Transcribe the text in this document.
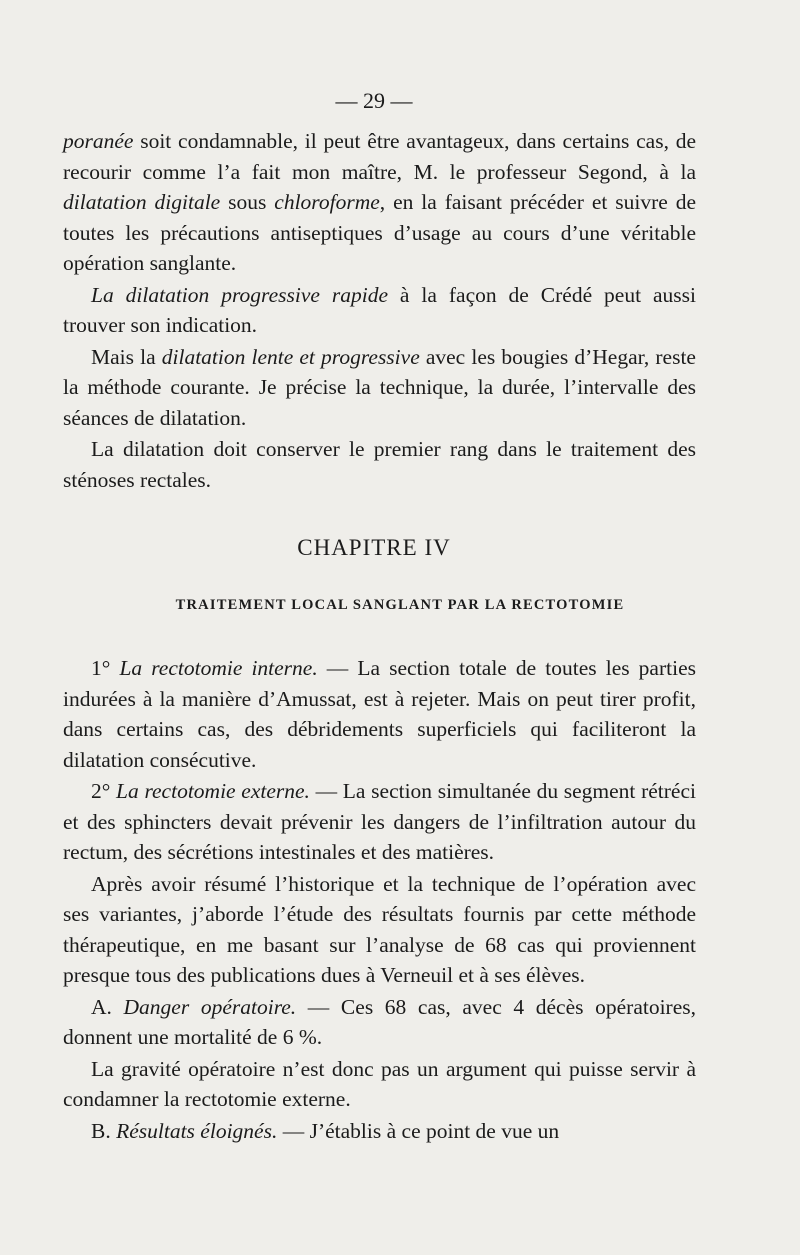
— 29 —

poranée soit condamnable, il peut être avantageux, dans certains cas, de recourir comme l’a fait mon maître, M. le professeur Segond, à la dilatation digitale sous chloroforme, en la faisant précéder et suivre de toutes les précautions antiseptiques d’usage au cours d’une véritable opération sanglante.

La dilatation progressive rapide à la façon de Crédé peut aussi trouver son indication.

Mais la dilatation lente et progressive avec les bougies d’Hegar, reste la méthode courante. Je précise la technique, la durée, l’intervalle des séances de dilatation.

La dilatation doit conserver le premier rang dans le traitement des sténoses rectales.

CHAPITRE IV
TRAITEMENT LOCAL SANGLANT PAR LA RECTOTOMIE

1° La rectotomie interne. — La section totale de toutes les parties indurées à la manière d’Amussat, est à rejeter. Mais on peut tirer profit, dans certains cas, des débridements superficiels qui faciliteront la dilatation consécutive.

2° La rectotomie externe. — La section simultanée du segment rétréci et des sphincters devait prévenir les dangers de l’infiltration autour du rectum, des sécrétions intestinales et des matières.

Après avoir résumé l’historique et la technique de l’opération avec ses variantes, j’aborde l’étude des résultats fournis par cette méthode thérapeutique, en me basant sur l’analyse de 68 cas qui proviennent presque tous des publications dues à Verneuil et à ses élèves.

A. Danger opératoire. — Ces 68 cas, avec 4 décès opératoires, donnent une mortalité de 6 %.

La gravité opératoire n’est donc pas un argument qui puisse servir à condamner la rectotomie externe.

B. Résultats éloignés. — J’établis à ce point de vue un
